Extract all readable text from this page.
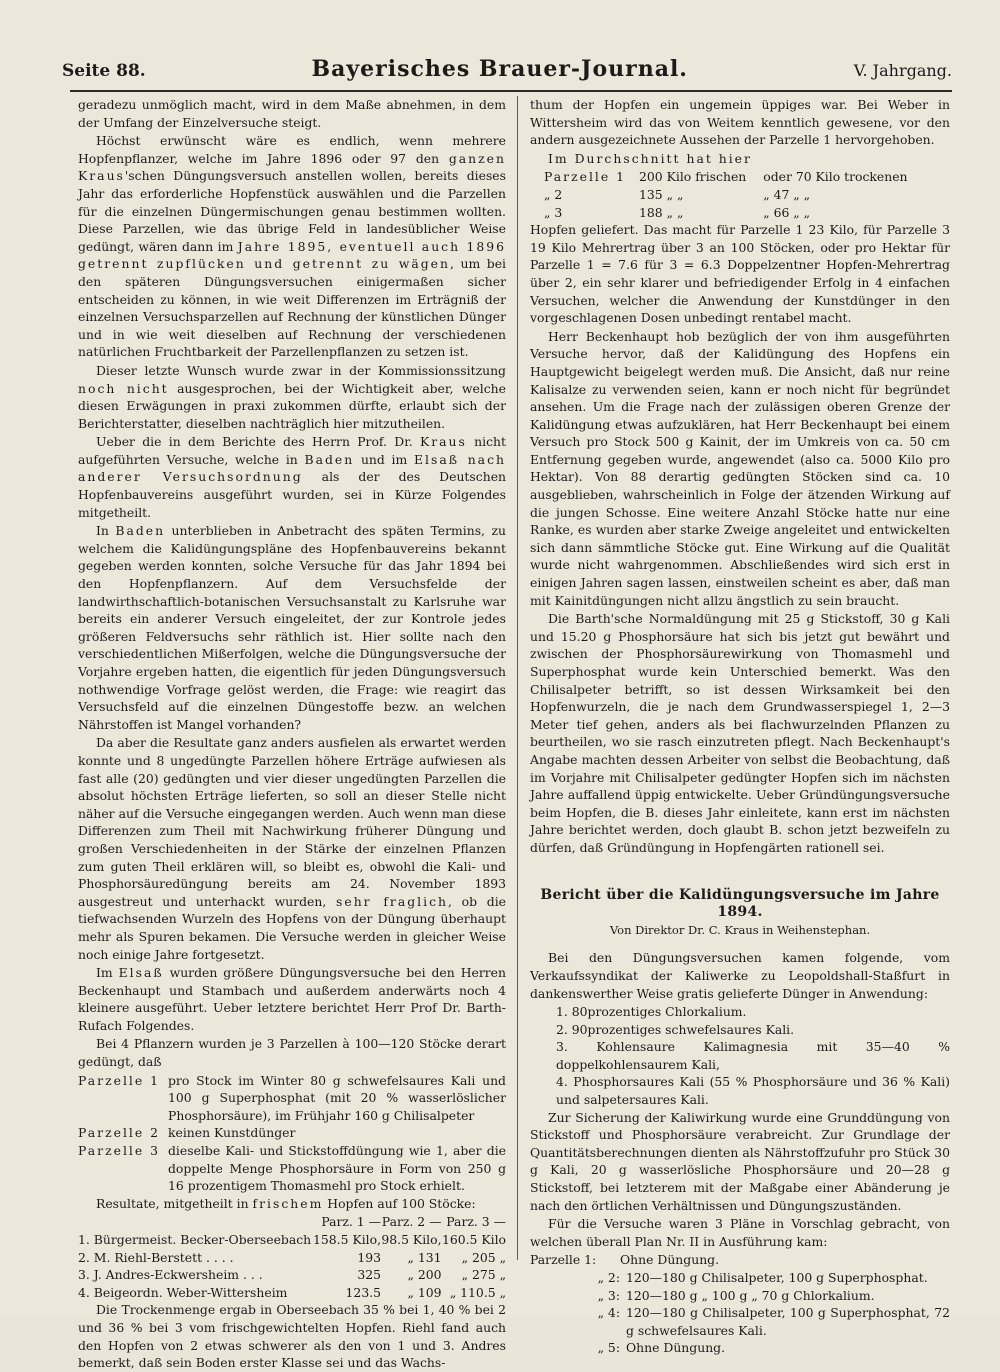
Seite 88.	Bayerisches Brauer-Journal.	V. Jahrgang.

geradezu unmöglich macht, wird in dem Maße abnehmen, in dem der Umfang der Einzelversuche steigt.

Höchst erwünscht wäre es endlich, wenn mehrere Hopfenpflanzer, welche im Jahre 1896 oder 97 den ganzen Kraus'schen Düngungsversuch anstellen wollen, bereits dieses Jahr das erforderliche Hopfenstück auswählen und die Parzellen für die einzelnen Düngermischungen genau bestimmen wollten. Diese Parzellen, wie das übrige Feld in landesüblicher Weise gedüngt, wären dann im Jahre 1895, eventuell auch 1896 getrennt zupflücken und getrennt zu wägen, um bei den späteren Düngungsversuchen einigermaßen sicher entscheiden zu können, in wie weit Differenzen im Erträgniß der einzelnen Versuchsparzellen auf Rechnung der künstlichen Dünger und in wie weit dieselben auf Rechnung der verschiedenen natürlichen Fruchtbarkeit der Parzellenpflanzen zu setzen ist.

Dieser letzte Wunsch wurde zwar in der Kommissionssitzung noch nicht ausgesprochen, bei der Wichtigkeit aber, welche diesen Erwägungen in praxi zukommen dürfte, erlaubt sich der Berichterstatter, dieselben nachträglich hier mitzutheilen.

Ueber die in dem Berichte des Herrn Prof. Dr. Kraus nicht aufgeführten Versuche, welche in Baden und im Elsaß nach anderer Versuchsordnung als der des Deutschen Hopfenbauvereins ausgeführt wurden, sei in Kürze Folgendes mitgetheilt.

In Baden unterblieben in Anbetracht des späten Termins, zu welchem die Kalidüngungspläne des Hopfenbauvereins bekannt gegeben werden konnten, solche Versuche für das Jahr 1894 bei den Hopfenpflanzern. Auf dem Versuchsfelde der landwirthschaftlich-botanischen Versuchsanstalt zu Karlsruhe war bereits ein anderer Versuch eingeleitet, der zur Kontrole jedes größeren Feldversuchs sehr räthlich ist. Hier sollte nach den verschiedentlichen Mißerfolgen, welche die Düngungsversuche der Vorjahre ergeben hatten, die eigentlich für jeden Düngungsversuch nothwendige Vorfrage gelöst werden, die Frage: wie reagirt das Versuchsfeld auf die einzelnen Düngestoffe bezw. an welchen Nährstoffen ist Mangel vorhanden?

Da aber die Resultate ganz anders ausfielen als erwartet werden konnte und 8 ungedüngte Parzellen höhere Erträge aufwiesen als fast alle (20) gedüngten und vier dieser ungedüngten Parzellen die absolut höchsten Erträge lieferten, so soll an dieser Stelle nicht näher auf die Versuche eingegangen werden. Auch wenn man diese Differenzen zum Theil mit Nachwirkung früherer Düngung und großen Verschiedenheiten in der Stärke der einzelnen Pflanzen zum guten Theil erklären will, so bleibt es, obwohl die Kali- und Phosphorsäuredüngung bereits am 24. November 1893 ausgestreut und unterhackt wurden, sehr fraglich, ob die tiefwachsenden Wurzeln des Hopfens von der Düngung überhaupt mehr als Spuren bekamen. Die Versuche werden in gleicher Weise noch einige Jahre fortgesetzt.

Im Elsaß wurden größere Düngungsversuche bei den Herren Beckenhaupt und Stambach und außerdem anderwärts noch 4 kleinere ausgeführt. Ueber letztere berichtet Herr Prof Dr. Barth-Rufach Folgendes.

Bei 4 Pflanzern wurden je 3 Parzellen à 100—120 Stöcke derart gedüngt, daß

Parzelle 1 pro Stock im Winter 80 g schwefelsaures Kali und 100 g Superphosphat (mit 20 % wasserlöslicher Phosphorsäure), im Frühjahr 160 g Chilisalpeter
Parzelle 2 keinen Kunstdünger
Parzelle 3 dieselbe Kali- und Stickstoffdüngung wie 1, aber die doppelte Menge Phosphorsäure in Form von 250 g 16 prozentigem Thomasmehl pro Stock erhielt.

Resultate, mitgetheilt in frischem Hopfen auf 100 Stöcke:

	Parz. 1 —	Parz. 2 —	Parz. 3 —
1. Bürgermeist. Becker-Oberseebach	158.5 Kilo,	98.5 Kilo,	160.5 Kilo
2. M. Riehl-Berstett . . . .	193	„ 131	„ 205 „
3. J. Andres-Eckwersheim . . .	325	„ 200	„ 275 „
4. Beigeordn. Weber-Wittersheim	123.5	„ 109	„ 110.5 „

Die Trockenmenge ergab in Oberseebach 35 % bei 1, 40 % bei 2 und 36 % bei 3 vom frischgewichtelten Hopfen. Riehl fand auch den Hopfen von 2 etwas schwerer als den von 1 und 3. Andres bemerkt, daß sein Boden erster Klasse sei und das Wachs-

thum der Hopfen ein ungemein üppiges war. Bei Weber in Wittersheim wird das von Weitem kenntlich gewesene, vor den andern ausgezeichnete Aussehen der Parzelle 1 hervorgehoben.

Im Durchschnitt hat hier

Parzelle 1	200 Kilo frischen	oder 70 Kilo trockenen
„ 2	135 „ „	„ 47 „ „
„ 3	188 „ „	„ 66 „ „

Hopfen geliefert. Das macht für Parzelle 1 23 Kilo, für Parzelle 3 19 Kilo Mehrertrag über 3 an 100 Stöcken, oder pro Hektar für Parzelle 1 = 7.6 für 3 = 6.3 Doppelzentner Hopfen-Mehrertrag über 2, ein sehr klarer und befriedigender Erfolg in 4 einfachen Versuchen, welcher die Anwendung der Kunstdünger in den vorgeschlagenen Dosen unbedingt rentabel macht.

Herr Beckenhaupt hob bezüglich der von ihm ausgeführten Versuche hervor, daß der Kalidüngung des Hopfens ein Hauptgewicht beigelegt werden muß. Die Ansicht, daß nur reine Kalisalze zu verwenden seien, kann er noch nicht für begründet ansehen. Um die Frage nach der zulässigen oberen Grenze der Kalidüngung etwas aufzuklären, hat Herr Beckenhaupt bei einem Versuch pro Stock 500 g Kainit, der im Umkreis von ca. 50 cm Entfernung gegeben wurde, angewendet (also ca. 5000 Kilo pro Hektar). Von 88 derartig gedüngten Stöcken sind ca. 10 ausgeblieben, wahrscheinlich in Folge der ätzenden Wirkung auf die jungen Schosse. Eine weitere Anzahl Stöcke hatte nur eine Ranke, es wurden aber starke Zweige angeleitet und entwickelten sich dann sämmtliche Stöcke gut. Eine Wirkung auf die Qualität wurde nicht wahrgenommen. Abschließendes wird sich erst in einigen Jahren sagen lassen, einstweilen scheint es aber, daß man mit Kainitdüngungen nicht allzu ängstlich zu sein braucht.

Die Barth'sche Normaldüngung mit 25 g Stickstoff, 30 g Kali und 15.20 g Phosphorsäure hat sich bis jetzt gut bewährt und zwischen der Phosphorsäurewirkung von Thomasmehl und Superphosphat wurde kein Unterschied bemerkt. Was den Chilisalpeter betrifft, so ist dessen Wirksamkeit bei den Hopfenwurzeln, die je nach dem Grundwasserspiegel 1, 2—3 Meter tief gehen, anders als bei flachwurzelnden Pflanzen zu beurtheilen, wo sie rasch einzutreten pflegt. Nach Beckenhaupt's Angabe machten dessen Arbeiter von selbst die Beobachtung, daß im Vorjahre mit Chilisalpeter gedüngter Hopfen sich im nächsten Jahre auffallend üppig entwickelte. Ueber Gründüngungsversuche beim Hopfen, die B. dieses Jahr einleitete, kann erst im nächsten Jahre berichtet werden, doch glaubt B. schon jetzt bezweifeln zu dürfen, daß Gründüngung in Hopfengärten rationell sei.

Bericht über die Kalidüngungsversuche im Jahre 1894.
Von Direktor Dr. C. Kraus in Weihenstephan.

Bei den Düngungsversuchen kamen folgende, vom Verkaufssyndikat der Kaliwerke zu Leopoldshall-Staßfurt in dankenswerther Weise gratis gelieferte Dünger in Anwendung:

1. 80prozentiges Chlorkalium.
2. 90prozentiges schwefelsaures Kali.
3. Kohlensaure Kalimagnesia mit 35—40 % doppelkohlensaurem Kali,
4. Phosphorsaures Kali (55 % Phosphorsäure und 36 % Kali) und salpetersaures Kali.

Zur Sicherung der Kaliwirkung wurde eine Grunddüngung von Stickstoff und Phosphorsäure verabreicht. Zur Grundlage der Quantitätsberechnungen dienten als Nährstoffzufuhr pro Stück 30 g Kali, 20 g wasserlösliche Phosphorsäure und 20—28 g Stickstoff, bei letzterem mit der Maßgabe einer Abänderung je nach den örtlichen Verhältnissen und Düngungszuständen.

Für die Versuche waren 3 Pläne in Vorschlag gebracht, von welchen überall Plan Nr. II in Ausführung kam:

Parzelle 1:	Ohne Düngung.
„ 2: 120—180 g Chilisalpeter, 100 g Superphosphat.
„ 3: 120—180 g „ 100 g „ 70 g Chlorkalium.
„ 4: 120—180 g Chilisalpeter, 100 g Superphosphat, 72 g schwefelsaures Kali.
„ 5: Ohne Düngung.
